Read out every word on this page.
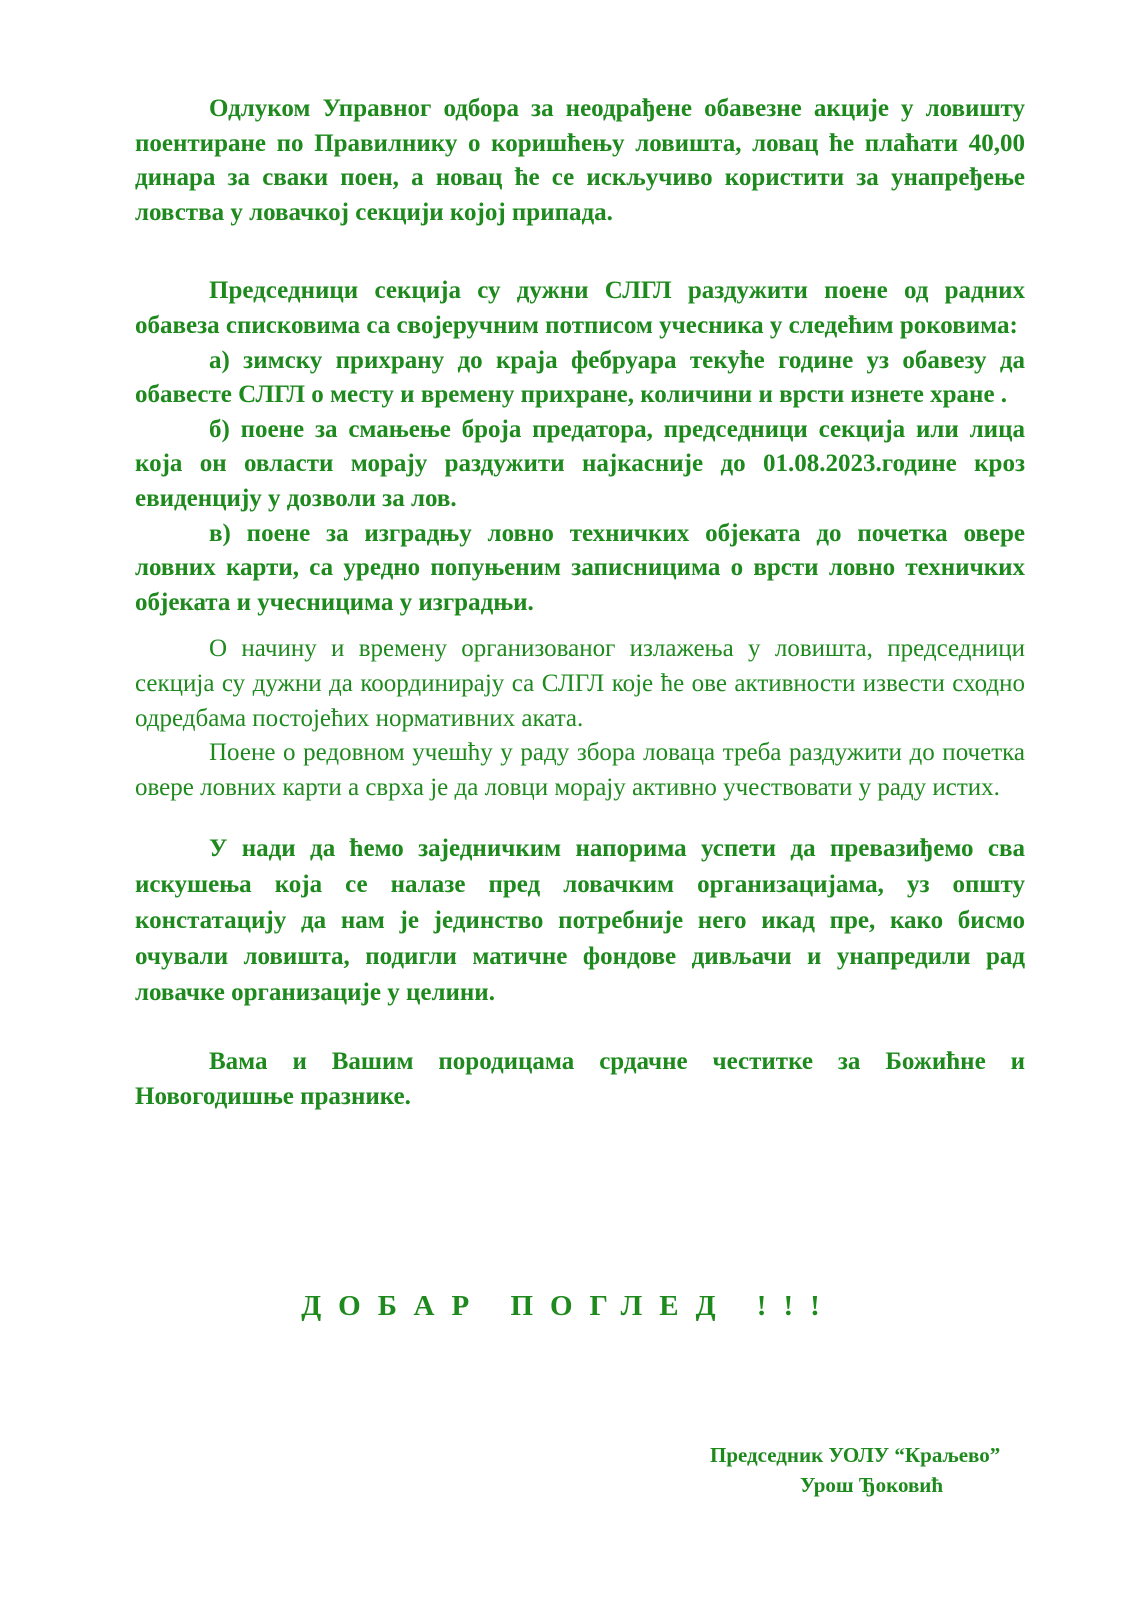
Одлуком Управног одбора за неодрађене обавезне акције у ловишту поентиране по Правилнику о коришћењу ловишта, ловац ће плаћати 40,00 динара за сваки поен, а новац ће се искључиво користити за унапређење ловства у ловачкој секцији којој припада.

Председници секција су дужни СЛГЛ раздужити поене од радних обавеза списковима са својеручним потписом учесника у следећим роковима:

а) зимску прихрану до краја фебруара текуће године уз обавезу да обавесте СЛГЛ о месту и времену прихране, количини и врсти изнете хране .

б) поене за смањење броја предатора, председници секција или лица која он овласти морају раздужити најкасније до 01.08.2023.године кроз евиденцију у дозволи за лов.

в) поене за изградњу ловно техничких објеката до почетка овере ловних карти, са уредно попуњеним записницима о врсти ловно техничких објеката и учесницима у изградњи.

О начину и времену организованог излажења у ловишта, председници секција су дужни да координирају са СЛГЛ које ће ове активности извести сходно одредбама постојећих нормативних аката.

Поене о редовном учешћу у раду збора ловаца треба раздужити до почетка овере ловних карти а сврха је да ловци морају активно учествовати у раду истих.

У нади да ћемо заједничким напорима успети да превазиђемо сва искушења која се налазе пред ловачким организацијама, уз општу констатацију да нам је јединство потребније него икад пре, како бисмо очували ловишта, подигли матичне фондове дивљачи и унапредили рад ловачке организације у целини.

Вама и Вашим породицама срдачне честитке за Божићне и Новогодишње празнике.

ДОБАР ПОГЛЕД !!!
Председник УОЛУ “Краљево”
Урош Ђоковић
